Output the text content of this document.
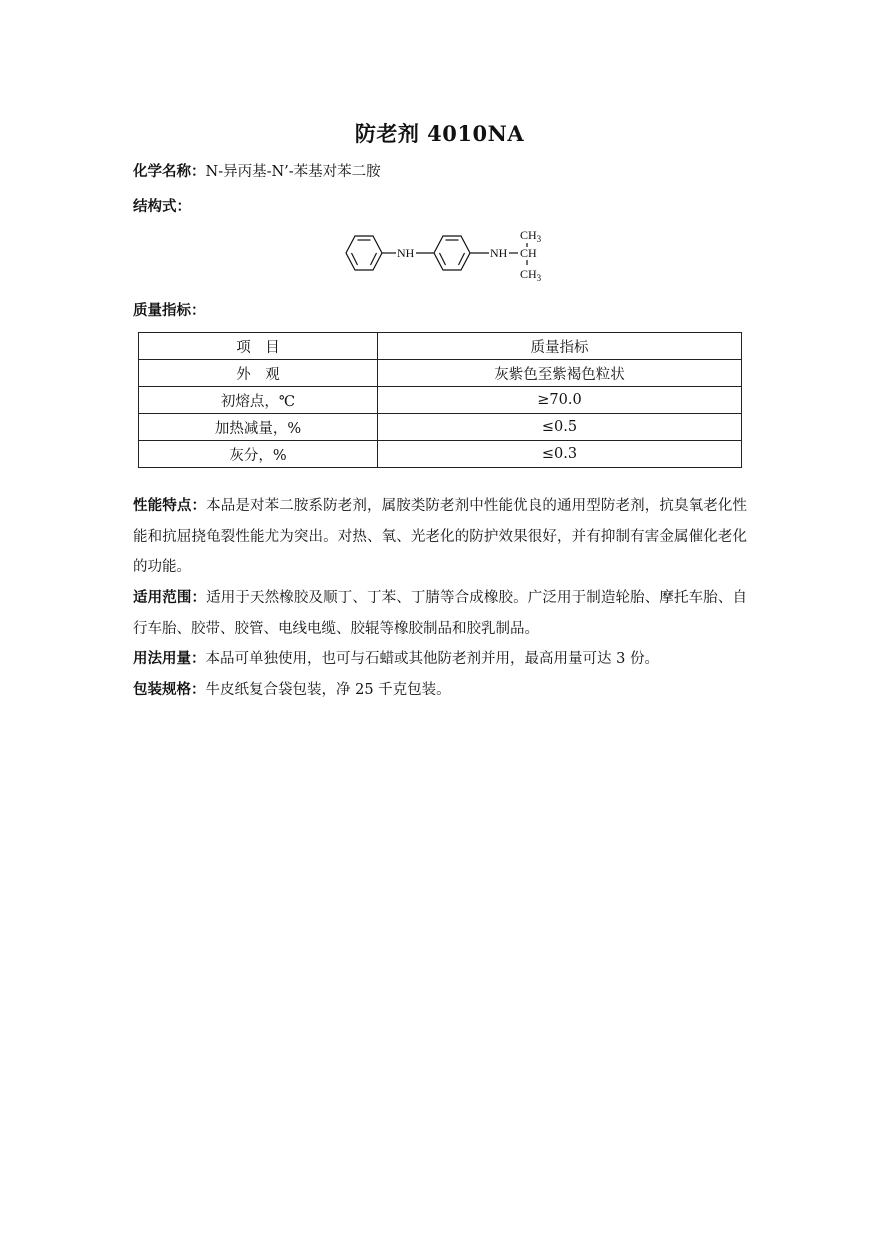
防老剂 4010NA
化学名称：N-异丙基-N’-苯基对苯二胺
结构式：
NH	NH CH
$CH_3$
$CH_3$
质量指标：
项　目	质量指标
外　观	灰紫色至紫褐色粒状
初熔点，℃	≥70.0
加热减量，%	≤0.5
灰分，%	≤0.3
性能特点：本品是对苯二胺系防老剂，属胺类防老剂中性能优良的通用型防老剂，抗臭氧老化性能和抗屈挠龟裂性能尤为突出。对热、氧、光老化的防护效果很好，并有抑制有害金属催化老化的功能。
适用范围：适用于天然橡胶及顺丁、丁苯、丁腈等合成橡胶。广泛用于制造轮胎、摩托车胎、自行车胎、胶带、胶管、电线电缆、胶辊等橡胶制品和胶乳制品。
用法用量：本品可单独使用，也可与石蜡或其他防老剂并用，最高用量可达 3 份。
包装规格：牛皮纸复合袋包装，净 25 千克包装。
